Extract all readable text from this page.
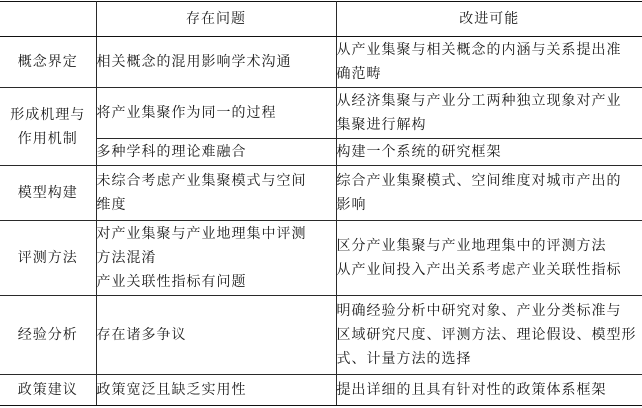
	存在问题	改进可能
概念界定	相关概念的混用影响学术沟通	从产业集聚与相关概念的内涵与关系提出准
确范畴

形成机理与
作用机制	将产业集聚作为同一的过程	从经济集聚与产业分工两种独立现象对产业
集聚进行解构

	多种学科的理论难融合	构建一个系统的研究框架

模型构建	未综合考虑产业集聚模式与空间
维度	综合产业集聚模式、空间维度对城市产出的
影响

评测方法	对产业集聚与产业地理集中评测
方法混淆
产业关联性指标有问题	区分产业集聚与产业地理集中的评测方法
从产业间投入产出关系考虑产业关联性指标

经验分析	存在诸多争议	明确经验分析中研究对象、产业分类标准与
区域研究尺度、评测方法、理论假设、模型形
式、计量方法的选择

政策建议	政策宽泛且缺乏实用性	提出详细的且具有针对性的政策体系框架
